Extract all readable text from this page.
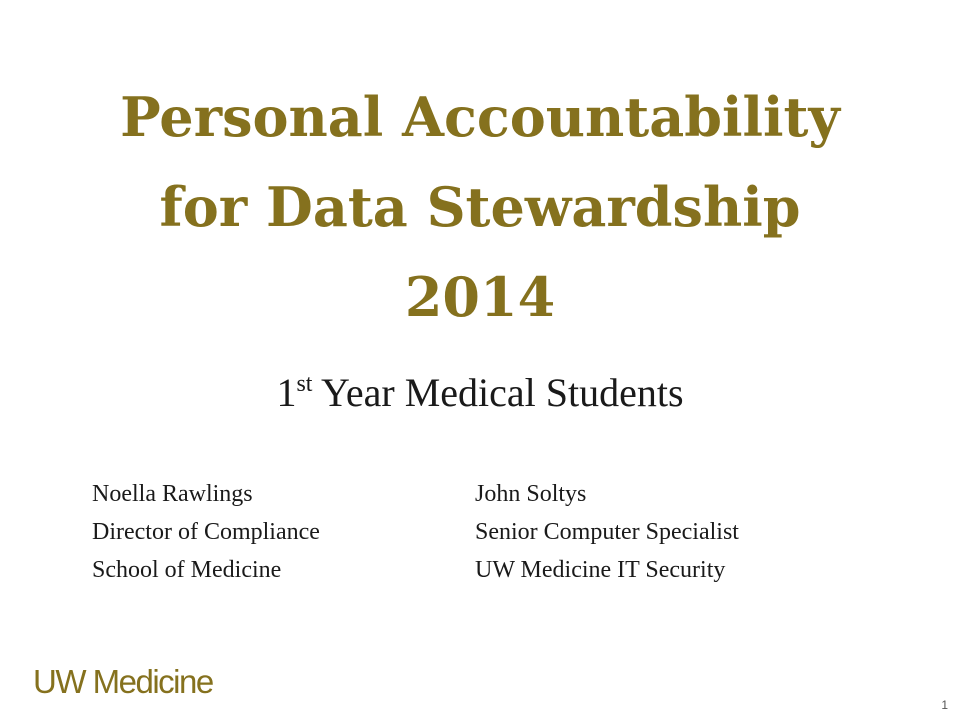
Personal Accountability
for Data Stewardship
2014

1st Year Medical Students

Noella Rawlings
Director of Compliance
School of Medicine
John Soltys
Senior Computer Specialist
UW Medicine IT Security
UW Medicine
1
